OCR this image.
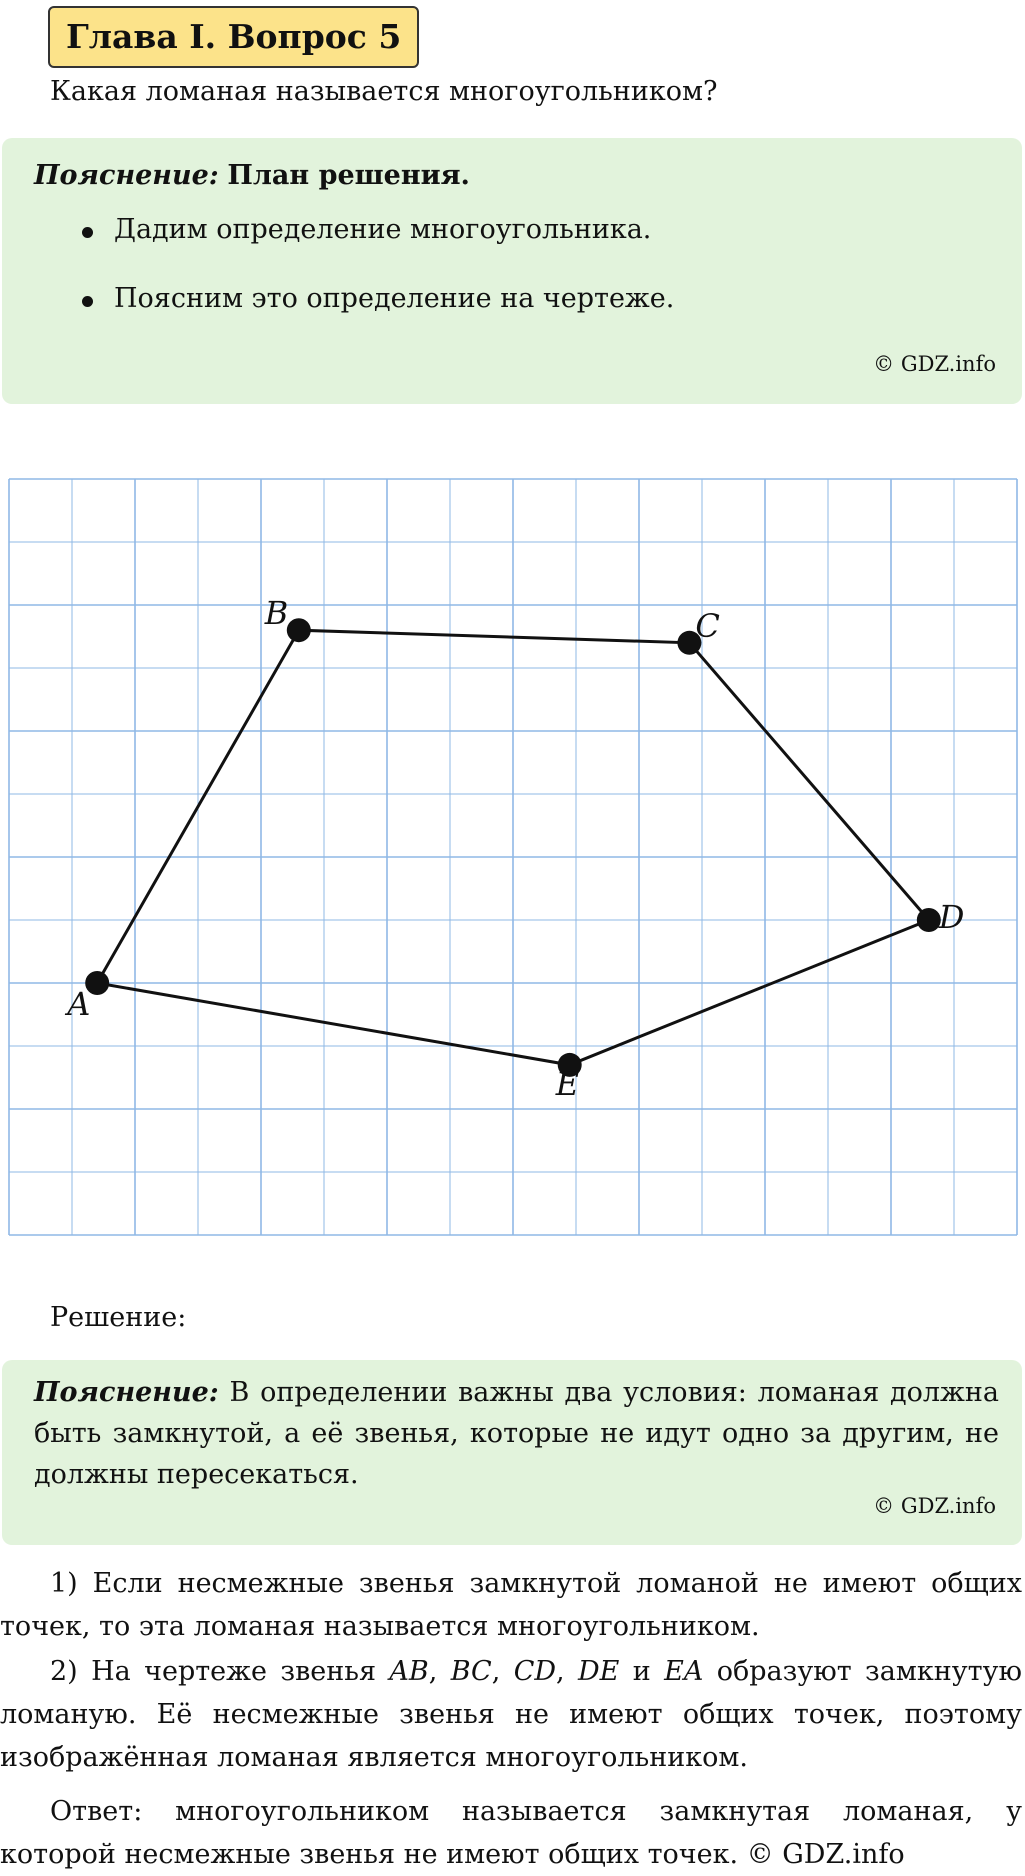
Глава I. Вопрос 5
Какая ломаная называется многоугольником?
Пояснение: План решения.
Дадим определение многоугольника.
Поясним это определение на чертеже.
© GDZ.info
A
B	C
D
E
Решение:
Пояснение: В определении важны два условия: ломаная должна быть замкнутой, а её звенья, которые не идут одно за другим, не должны пересекаться.
© GDZ.info
1) Если несмежные звенья замкнутой ломаной не имеют общих точек, то эта ломаная называется многоугольником.
2) На чертеже звенья AB, BC, CD, DE и EA образуют замкнутую ломаную. Её несмежные звенья не имеют общих точек, поэтому изображённая ломаная является многоугольником.
Ответ: многоугольником называется замкнутая ломаная, у которой несмежные звенья не имеют общих точек. © GDZ.info
